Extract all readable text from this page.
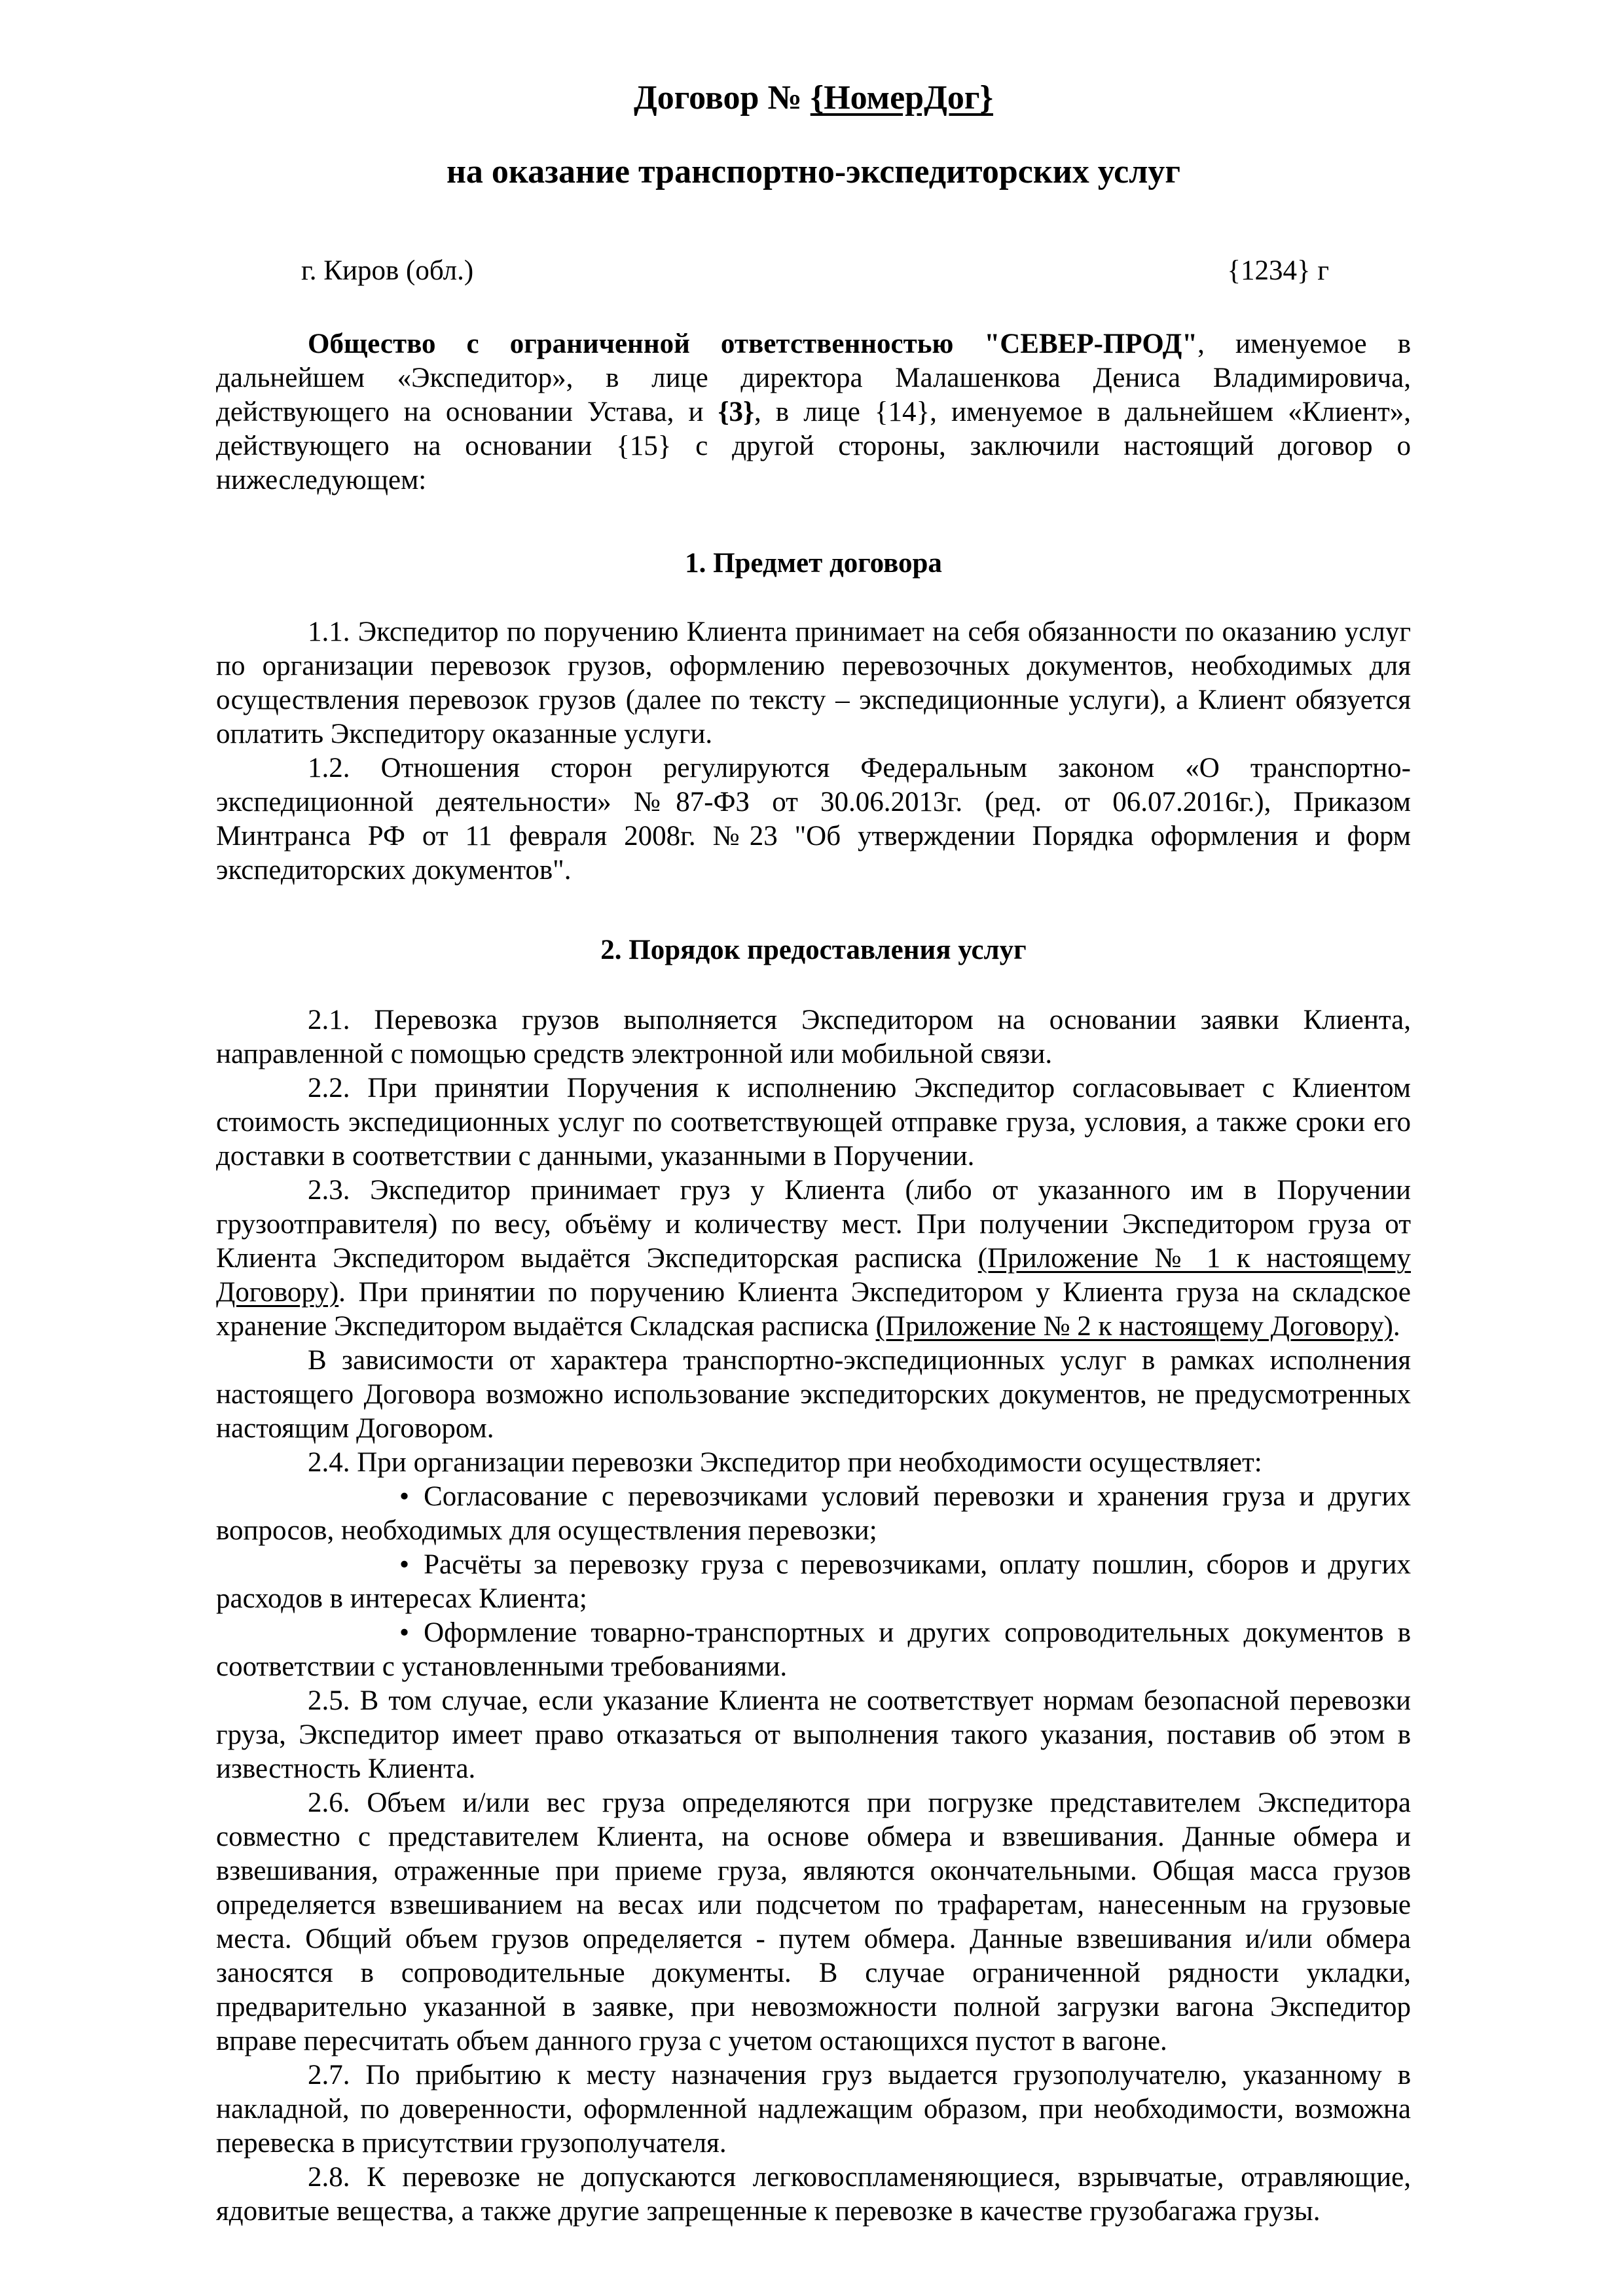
Договор № {НомерДог}
на оказание транспортно-экспедиторских услуг
г. Киров (обл.)	{1234} г

Общество с ограниченной ответственностью "СЕВЕР-ПРОД", именуемое в дальнейшем «Экспедитор», в лице директора Малашенкова Дениса Владимировича, действующего на основании Устава, и {3}, в лице {14}, именуемое в дальнейшем «Клиент», действующего на основании {15} с другой стороны, заключили настоящий договор о нижеследующем:

1. Предмет договора

1.1. Экспедитор по поручению Клиента принимает на себя обязанности по оказанию услуг по организации перевозок грузов, оформлению перевозочных документов, необходимых для осуществления перевозок грузов (далее по тексту – экспедиционные услуги), а Клиент обязуется оплатить Экспедитору оказанные услуги.

1.2. Отношения сторон регулируются Федеральным законом «О транспортно-экспедиционной деятельности» №87-ФЗ от 30.06.2013г. (ред. от 06.07.2016г.), Приказом Минтранса РФ от 11 февраля 2008г. №23 "Об утверждении Порядка оформления и форм экспедиторских документов".

2. Порядок предоставления услуг

2.1. Перевозка грузов выполняется Экспедитором на основании заявки Клиента, направленной с помощью средств электронной или мобильной связи.

2.2. При принятии Поручения к исполнению Экспедитор согласовывает с Клиентом стоимость экспедиционных услуг по соответствующей отправке груза, условия, а также сроки его доставки в соответствии с данными, указанными в Поручении.

2.3. Экспедитор принимает груз у Клиента (либо от указанного им в Поручении грузоотправителя) по весу, объёму и количеству мест. При получении Экспедитором груза от Клиента Экспедитором выдаётся Экспедиторская расписка (Приложение № 1 к настоящему Договору). При принятии по поручению Клиента Экспедитором у Клиента груза на складское хранение Экспедитором выдаётся Складская расписка (Приложение № 2 к настоящему Договору).

В зависимости от характера транспортно-экспедиционных услуг в рамках исполнения настоящего Договора возможно использование экспедиторских документов, не предусмотренных настоящим Договором.

2.4. При организации перевозки Экспедитор при необходимости осуществляет:

• Согласование с перевозчиками условий перевозки и хранения груза и других вопросов, необходимых для осуществления перевозки;

• Расчёты за перевозку груза с перевозчиками, оплату пошлин, сборов и других расходов в интересах Клиента;

• Оформление товарно-транспортных и других сопроводительных документов в соответствии с установленными требованиями.

2.5. В том случае, если указание Клиента не соответствует нормам безопасной перевозки груза, Экспедитор имеет право отказаться от выполнения такого указания, поставив об этом в известность Клиента.

2.6. Объем и/или вес груза определяются при погрузке представителем Экспедитора совместно с представителем Клиента, на основе обмера и взвешивания. Данные обмера и взвешивания, отраженные при приеме груза, являются окончательными. Общая масса грузов определяется взвешиванием на весах или подсчетом по трафаретам, нанесенным на грузовые места. Общий объем грузов определяется - путем обмера. Данные взвешивания и/или обмера заносятся в сопроводительные документы. В случае ограниченной рядности укладки, предварительно указанной в заявке, при невозможности полной загрузки вагона Экспедитор вправе пересчитать объем данного груза с учетом остающихся пустот в вагоне.

2.7. По прибытию к месту назначения груз выдается грузополучателю, указанному в накладной, по доверенности, оформленной надлежащим образом, при необходимости, возможна перевеска в присутствии грузополучателя.

2.8. К перевозке не допускаются легковоспламеняющиеся, взрывчатые, отравляющие, ядовитые вещества, а также другие запрещенные к перевозке в качестве грузобагажа грузы.
